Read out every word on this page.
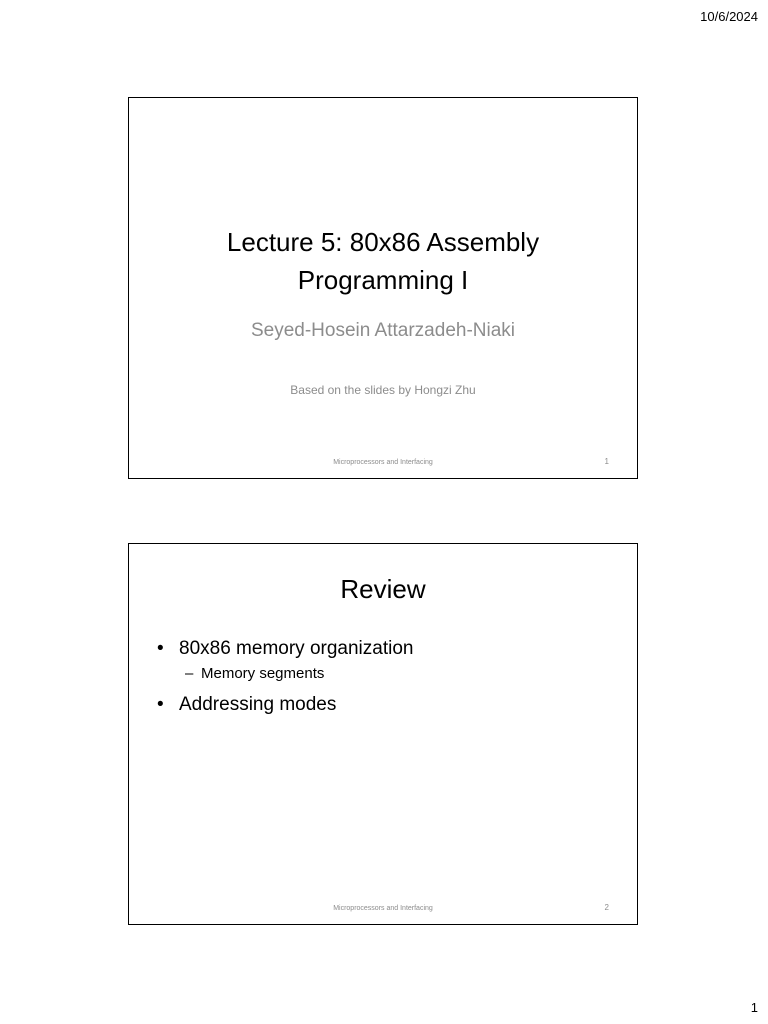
10/6/2024
Lecture 5: 80x86 Assembly
Programming I
Seyed-Hosein Attarzadeh-Niaki
Based on the slides by Hongzi Zhu
Microprocessors and Interfacing	1
Review
• 80x86 memory organization
– Memory segments
• Addressing modes
Microprocessors and Interfacing	2
1
